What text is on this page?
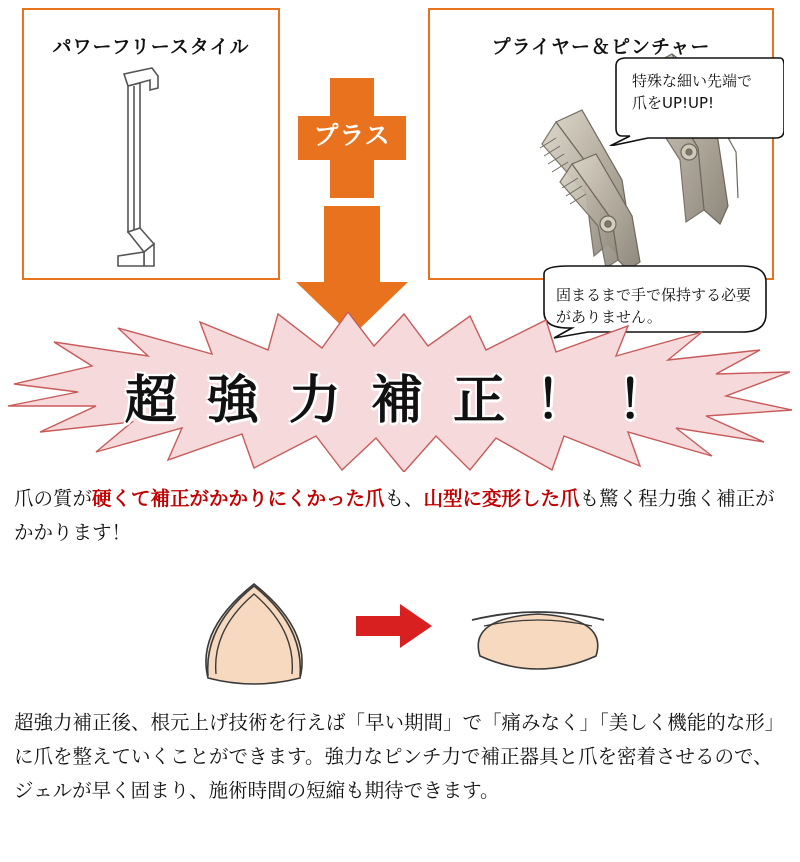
パワーフリースタイル
プラス
プライヤー＆ピンチャー
特殊な細い先端で爪をUP!UP!
固まるまで手で保持する必要がありません。
超 強 力 補 正 ！ ！
爪の質が硬くて補正がかかりにくかった爪も、山型に変形した爪も驚く程力強く補正がかかります！
超強力補正後、根元上げ技術を行えば「早い期間」で「痛みなく」「美しく機能的な形」に爪を整えていくことができます。強力なピンチ力で補正器具と爪を密着させるので、ジェルが早く固まり、施術時間の短縮も期待できます。
